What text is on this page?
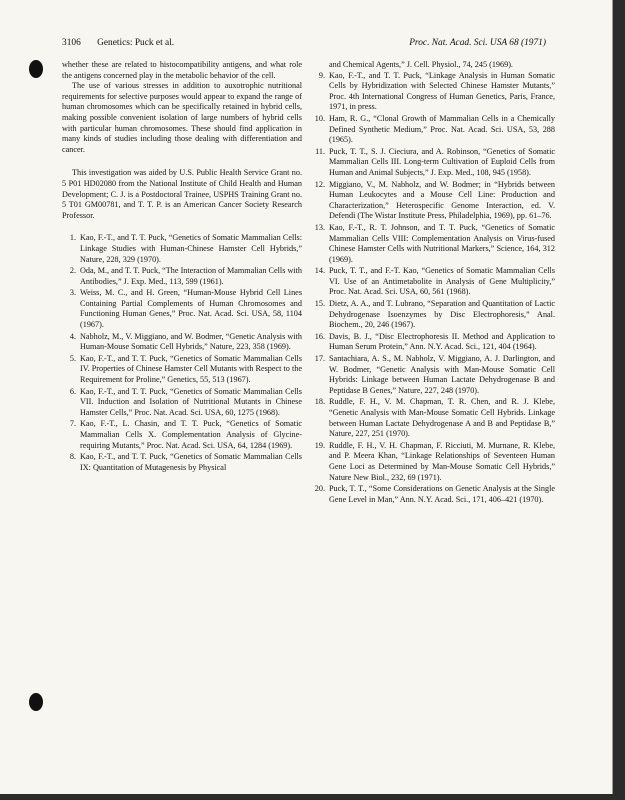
3106 Genetics: Puck et al.	Proc. Nat. Acad. Sci. USA 68 (1971)

whether these are related to histocompatibility antigens, and what role the antigens concerned play in the metabolic behavior of the cell.

The use of various stresses in addition to auxotrophic nutritional requirements for selective purposes would appear to expand the range of human chromosomes which can be specifically retained in hybrid cells, making possible convenient isolation of large numbers of hybrid cells with particular human chromosomes. These should find application in many kinds of studies including those dealing with differentiation and cancer.

This investigation was aided by U.S. Public Health Service Grant no. 5 P01 HD02080 from the National Institute of Child Health and Human Development; C. J. is a Postdoctoral Trainee, USPHS Training Grant no. 5 T01 GM00781, and T. T. P. is an American Cancer Society Research Professor.

1. Kao, F.-T., and T. T. Puck, “Genetics of Somatic Mammalian Cells: Linkage Studies with Human-Chinese Hamster Cell Hybrids,” Nature, 228, 329 (1970).
2. Oda, M., and T. T. Puck, “The Interaction of Mammalian Cells with Antibodies,” J. Exp. Med., 113, 599 (1961).
3. Weiss, M. C., and H. Green, “Human-Mouse Hybrid Cell Lines Containing Partial Complements of Human Chromosomes and Functioning Human Genes,” Proc. Nat. Acad. Sci. USA, 58, 1104 (1967).
4. Nabholz, M., V. Miggiano, and W. Bodmer, “Genetic Analysis with Human-Mouse Somatic Cell Hybrids,” Nature, 223, 358 (1969).
5. Kao, F.-T., and T. T. Puck, “Genetics of Somatic Mammalian Cells IV. Properties of Chinese Hamster Cell Mutants with Respect to the Requirement for Proline,” Genetics, 55, 513 (1967).
6. Kao, F.-T., and T. T. Puck, “Genetics of Somatic Mammalian Cells VII. Induction and Isolation of Nutritional Mutants in Chinese Hamster Cells,” Proc. Nat. Acad. Sci. USA, 60, 1275 (1968).
7. Kao, F.-T., L. Chasin, and T. T. Puck, “Genetics of Somatic Mammalian Cells X. Complementation Analysis of Glycine-requiring Mutants,” Proc. Nat. Acad. Sci. USA, 64, 1284 (1969).
8. Kao, F.-T., and T. T. Puck, “Genetics of Somatic Mammalian Cells IX: Quantitation of Mutagenesis by Physical
and Chemical Agents,” J. Cell. Physiol., 74, 245 (1969).
9. Kao, F.-T., and T. T. Puck, “Linkage Analysis in Human Somatic Cells by Hybridization with Selected Chinese Hamster Mutants,” Proc. 4th International Congress of Human Genetics, Paris, France, 1971, in press.
10. Ham, R. G., “Clonal Growth of Mammalian Cells in a Chemically Defined Synthetic Medium,” Proc. Nat. Acad. Sci. USA, 53, 288 (1965).
11. Puck, T. T., S. J. Cieciura, and A. Robinson, “Genetics of Somatic Mammalian Cells III. Long-term Cultivation of Euploid Cells from Human and Animal Subjects,” J. Exp. Med., 108, 945 (1958).
12. Miggiano, V., M. Nabholz, and W. Bodmer; in “Hybrids between Human Leukocytes and a Mouse Cell Line: Production and Characterization,” Heterospecific Genome Interaction, ed. V. Defendi (The Wistar Institute Press, Philadelphia, 1969), pp. 61–76.
13. Kao, F.-T., R. T. Johnson, and T. T. Puck, “Genetics of Somatic Mammalian Cells VIII: Complementation Analysis on Virus-fused Chinese Hamster Cells with Nutritional Markers,” Science, 164, 312 (1969).
14. Puck, T. T., and F.-T. Kao, “Genetics of Somatic Mammalian Cells VI. Use of an Antimetabolite in Analysis of Gene Multiplicity,” Proc. Nat. Acad. Sci. USA, 60, 561 (1968).
15. Dietz, A. A., and T. Lubrano, “Separation and Quantitation of Lactic Dehydrogenase Isoenzymes by Disc Electrophoresis,” Anal. Biochem., 20, 246 (1967).
16. Davis, B. J., “Disc Electrophoresis II. Method and Application to Human Serum Protein,” Ann. N.Y. Acad. Sci., 121, 404 (1964).
17. Santachiara, A. S., M. Nabholz, V. Miggiano, A. J. Darlington, and W. Bodmer, “Genetic Analysis with Man-Mouse Somatic Cell Hybrids: Linkage between Human Lactate Dehydrogenase B and Peptidase B Genes,” Nature, 227, 248 (1970).
18. Ruddle, F. H., V. M. Chapman, T. R. Chen, and R. J. Klebe, “Genetic Analysis with Man-Mouse Somatic Cell Hybrids. Linkage between Human Lactate Dehydrogenase A and B and Peptidase B,” Nature, 227, 251 (1970).
19. Ruddle, F. H., V. H. Chapman, F. Ricciuti, M. Murnane, R. Klebe, and P. Meera Khan, “Linkage Relationships of Seventeen Human Gene Loci as Determined by Man-Mouse Somatic Cell Hybrids,” Nature New Biol., 232, 69 (1971).
20. Puck, T. T., “Some Considerations on Genetic Analysis at the Single Gene Level in Man,” Ann. N.Y. Acad. Sci., 171, 406–421 (1970).
